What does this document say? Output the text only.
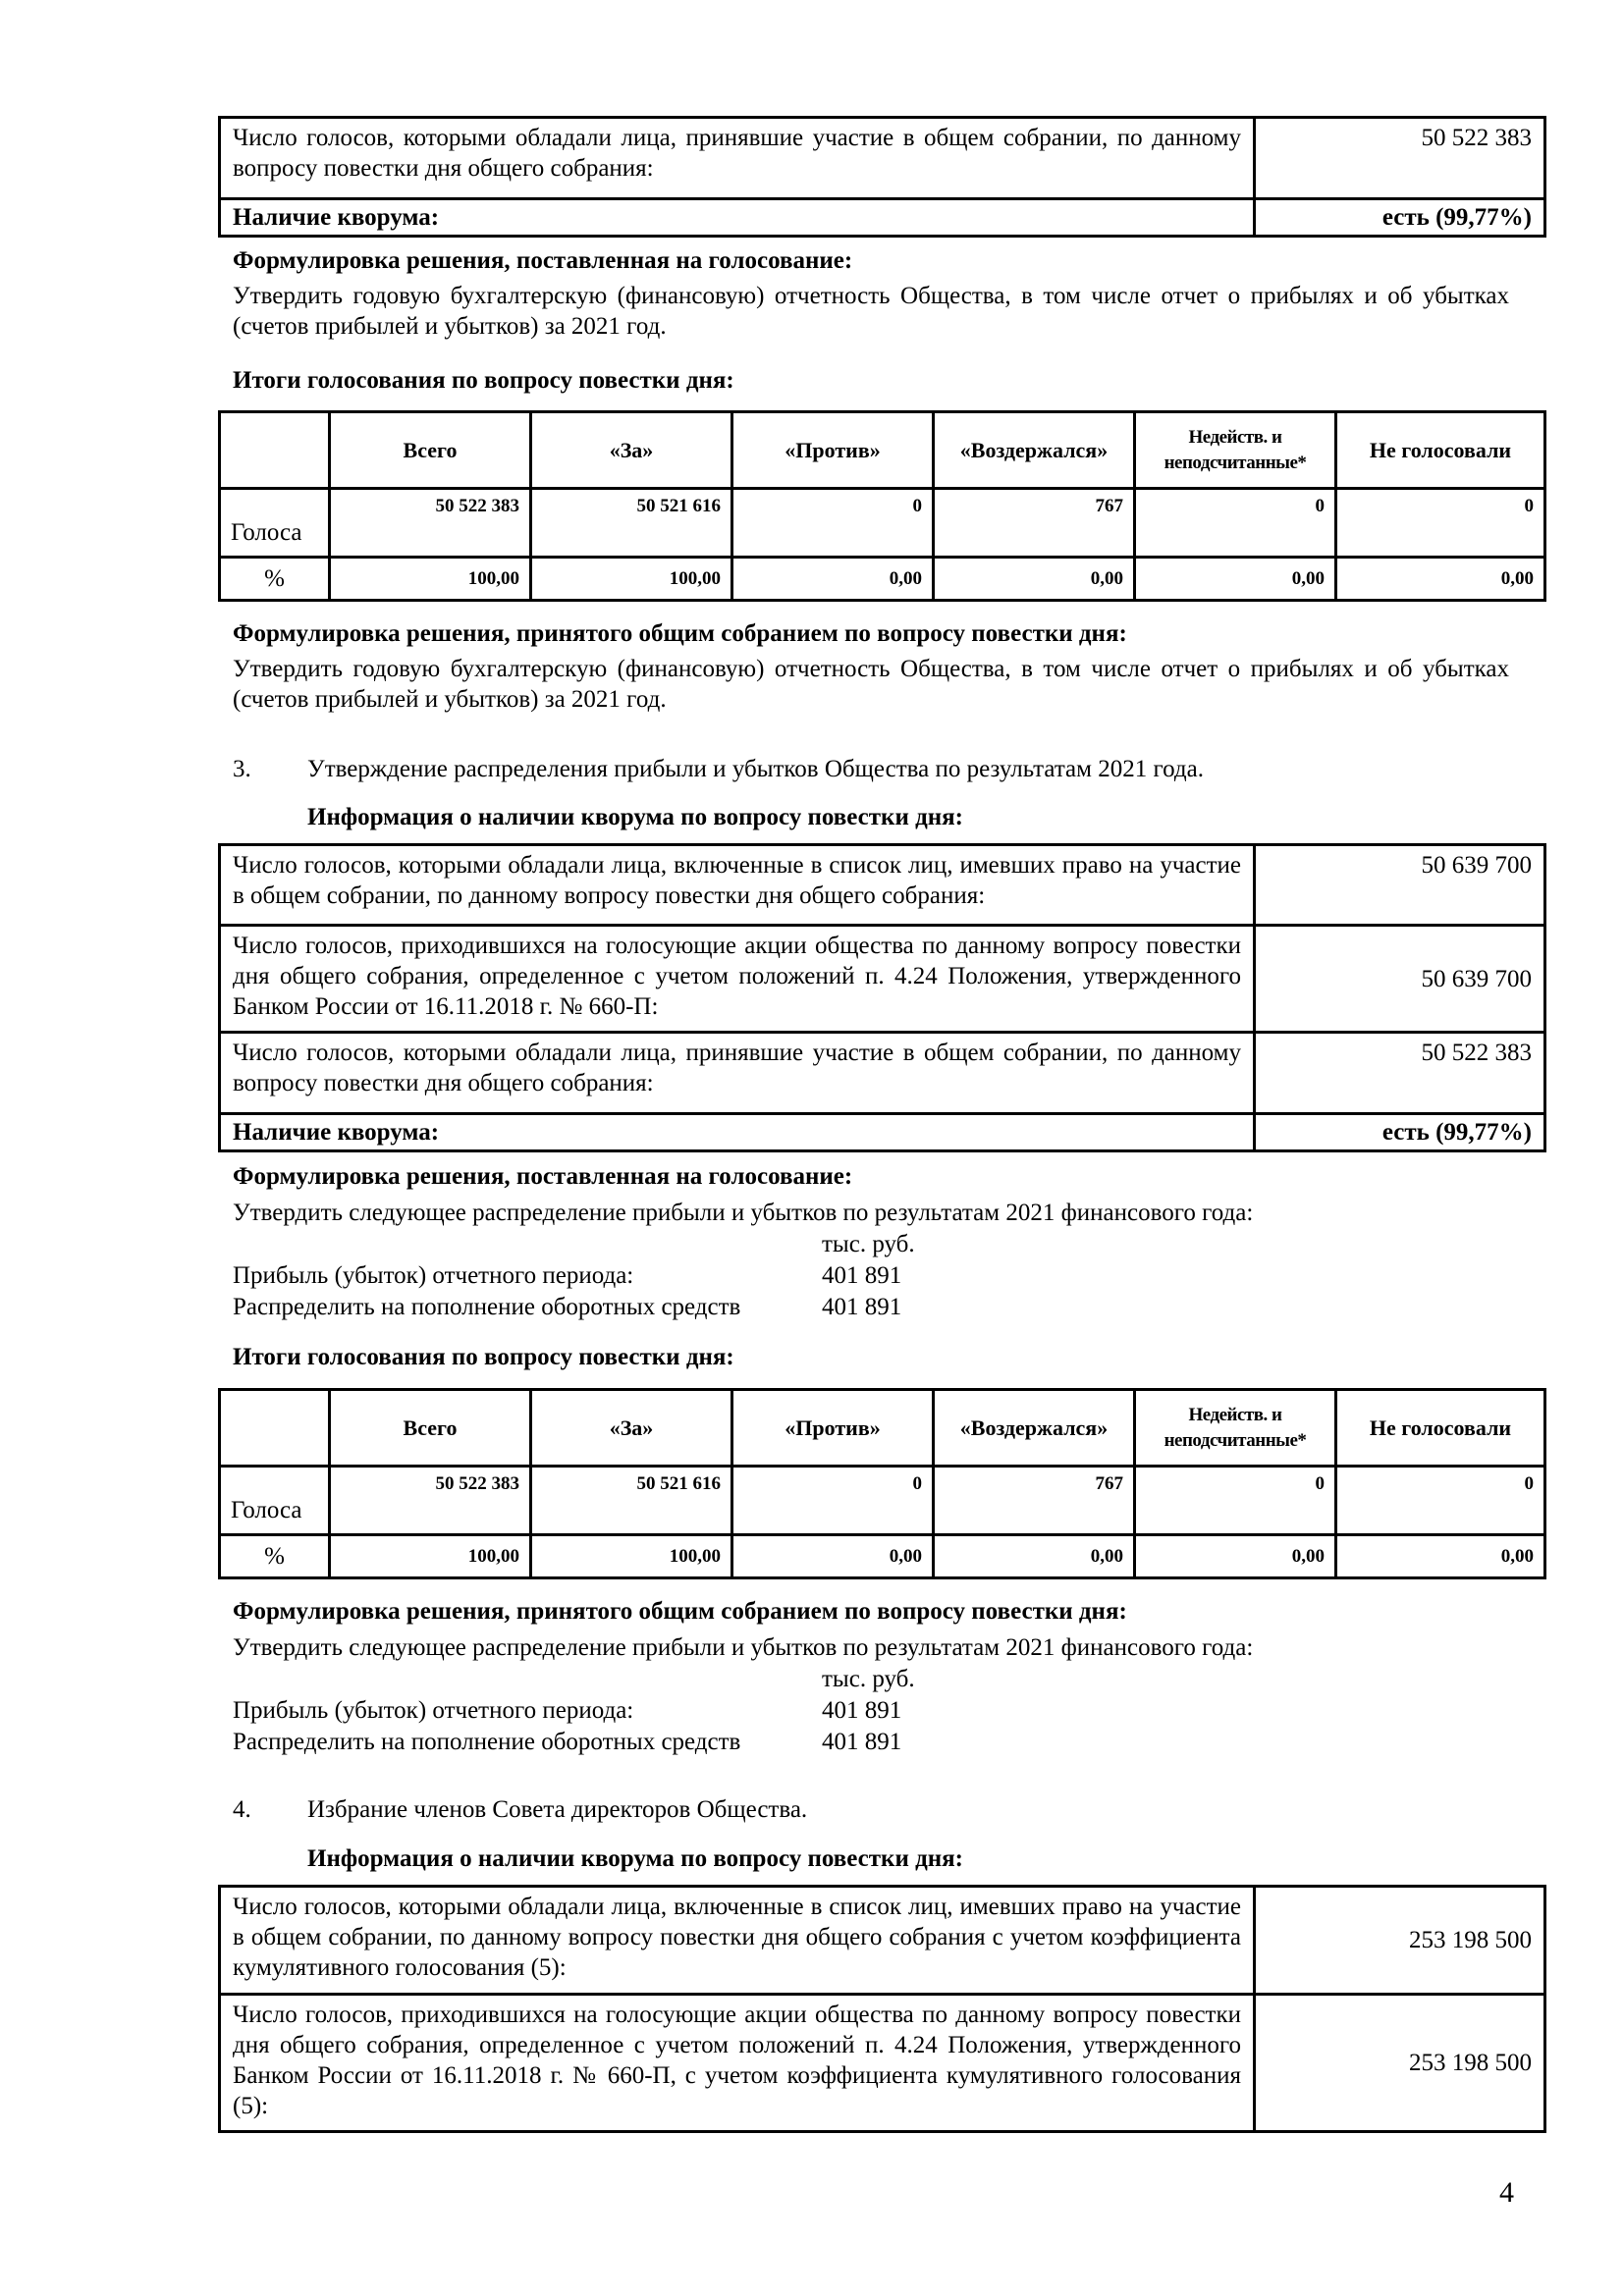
Число голосов, которыми обладали лица, принявшие участие в общем собрании, по данному вопросу повестки дня общего собрания:	50 522 383
Наличие кворума:	есть (99,77%)
Формулировка решения, поставленная на голосование:
Утвердить годовую бухгалтерскую (финансовую) отчетность Общества, в том числе отчет о прибылях и об убытках (счетов прибылей и убытков) за 2021 год.
Итоги голосования по вопросу повестки дня:
	Всего	«За»	«Против»	«Воздержался»	Недейств. и неподсчитанные*	Не голосовали
Голоса	50 522 383	50 521 616	0	767	0	0
%	100,00	100,00	0,00	0,00	0,00	0,00
Формулировка решения, принятого общим собранием по вопросу повестки дня:
Утвердить годовую бухгалтерскую (финансовую) отчетность Общества, в том числе отчет о прибылях и об убытках (счетов прибылей и убытков) за 2021 год.
3. Утверждение распределения прибыли и убытков Общества по результатам 2021 года.
Информация о наличии кворума по вопросу повестки дня:
Число голосов, которыми обладали лица, включенные в список лиц, имевших право на участие в общем собрании, по данному вопросу повестки дня общего собрания:	50 639 700
Число голосов, приходившихся на голосующие акции общества по данному вопросу повестки дня общего собрания, определенное с учетом положений п. 4.24 Положения, утвержденного Банком России от 16.11.2018 г. № 660-П:	50 639 700
Число голосов, которыми обладали лица, принявшие участие в общем собрании, по данному вопросу повестки дня общего собрания:	50 522 383
Наличие кворума:	есть (99,77%)
Формулировка решения, поставленная на голосование:
Утвердить следующее распределение прибыли и убытков по результатам 2021 финансового года:
тыс. руб.
Прибыль (убыток) отчетного периода:	401 891
Распределить на пополнение оборотных средств	401 891
Итоги голосования по вопросу повестки дня:
	Всего	«За»	«Против»	«Воздержался»	Недейств. и неподсчитанные*	Не голосовали
Голоса	50 522 383	50 521 616	0	767	0	0
%	100,00	100,00	0,00	0,00	0,00	0,00
Формулировка решения, принятого общим собранием по вопросу повестки дня:
Утвердить следующее распределение прибыли и убытков по результатам 2021 финансового года:
тыс. руб.
Прибыль (убыток) отчетного периода:	401 891
Распределить на пополнение оборотных средств	401 891
4. Избрание членов Совета директоров Общества.
Информация о наличии кворума по вопросу повестки дня:
Число голосов, которыми обладали лица, включенные в список лиц, имевших право на участие в общем собрании, по данному вопросу повестки дня общего собрания с учетом коэффициента кумулятивного голосования (5):	253 198 500
Число голосов, приходившихся на голосующие акции общества по данному вопросу повестки дня общего собрания, определенное с учетом положений п. 4.24 Положения, утвержденного Банком России от 16.11.2018 г. № 660-П, с учетом коэффициента кумулятивного голосования (5):	253 198 500
4
